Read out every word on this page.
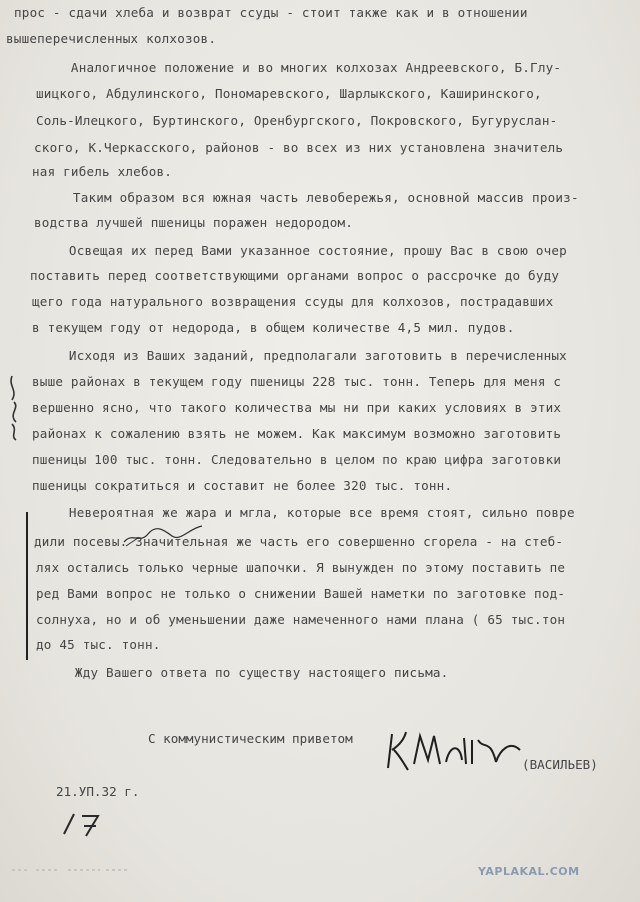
прос - сдачи хлеба и возврат ссуды - стоит также как и в отношении
вышеперечисленных колхозов.
Аналогичное положение и во многих колхозах Андреевского, Б.Глу-
шицкого, Абдулинского, Пономаревского, Шарлыкского, Каширинского,
Соль-Илецкого, Буртинского, Оренбургского, Покровского, Бугуруслан-
ского, К.Черкасского, районов - во всех из них установлена значитель
ная гибель хлебов.
Таким образом вся южная часть левобережья, основной массив произ-
водства лучшей пшеницы поражен недородом.
Освещая их перед Вами указанное состояние, прошу Вас в свою очер
поставить перед соответствующими органами вопрос о рассрочке до буду
щего года натурального возвращения ссуды для колхозов, пострадавших
в текущем году от недорода, в общем количестве 4,5 мил. пудов.
Исходя из Ваших заданий, предполагали заготовить в перечисленных
выше районах в текущем году пшеницы 228 тыс. тонн. Теперь для меня с
вершенно ясно, что такого количества мы ни при каких условиях в этих
районах к сожалению взять не можем. Как максимум возможно заготовить
пшеницы 100 тыс. тонн. Следовательно в целом по краю цифра заготовки
пшеницы сократиться и составит не более 320 тыс. тонн.
Невероятная же жара и мгла, которые все время стоят, сильно повре
дили посевы. Значительная же часть его совершенно сгорела - на стеб-
лях остались только черные шапочки. Я вынужден по этому поставить пе
ред Вами вопрос не только о снижении Вашей наметки по заготовке под-
солнуха, но и об уменьшении даже намеченного нами плана ( 65 тыс.тон
до 45 тыс. тонн.
Жду Вашего ответа по существу настоящего письма.
С коммунистическим приветом
(ВАСИЛЬЕВ)
21.УП.32 г.
YAPLAKAL.COM
